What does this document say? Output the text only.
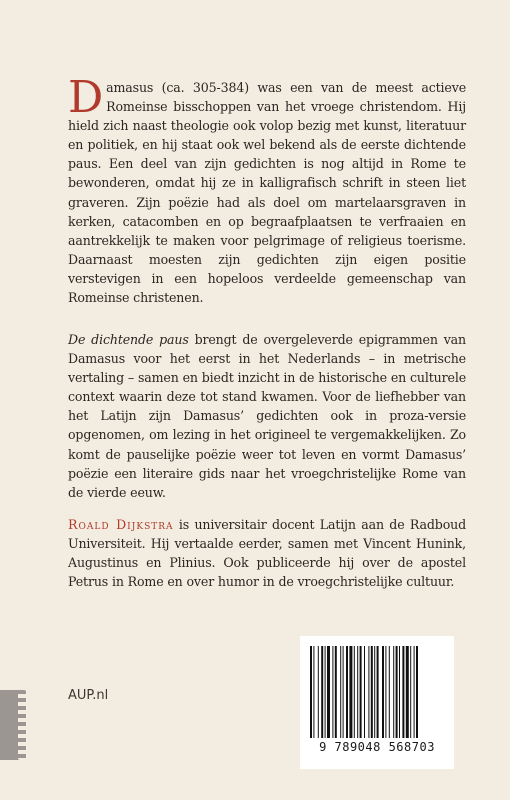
Damasus (ca. 305-384) was een van de meest actieve Romeinse bisschoppen van het vroege christendom. Hij hield zich naast theologie ook volop bezig met kunst, literatuur en politiek, en hij staat ook wel bekend als de eerste dichtende paus. Een deel van zijn gedichten is nog altijd in Rome te bewonderen, omdat hij ze in kalligrafisch schrift in steen liet graveren. Zijn poëzie had als doel om martelaarsgraven in kerken, catacomben en op begraafplaatsen te verfraaien en aantrekkelijk te maken voor pelgrimage of religieus toerisme. Daarnaast moesten zijn gedichten zijn eigen positie verstevigen in een hopeloos verdeelde gemeenschap van Romeinse christenen.
De dichtende paus brengt de overgeleverde epigrammen van Damasus voor het eerst in het Nederlands – in metrische vertaling – samen en biedt inzicht in de historische en culturele context waarin deze tot stand kwamen. Voor de liefhebber van het Latijn zijn Damasus’ gedichten ook in proza-versie opgenomen, om lezing in het origineel te vergemakkelijken. Zo komt de pauselijke poëzie weer tot leven en vormt Damasus’ poëzie een literaire gids naar het vroegchristelijke Rome van de vierde eeuw.
Roald Dijkstra is universitair docent Latijn aan de Radboud Universiteit. Hij vertaalde eerder, samen met Vincent Hunink, Augustinus en Plinius. Ook publiceerde hij over de apostel Petrus in Rome en over humor in de vroegchristelijke cultuur.
AUP.nl
9 789048 568703
